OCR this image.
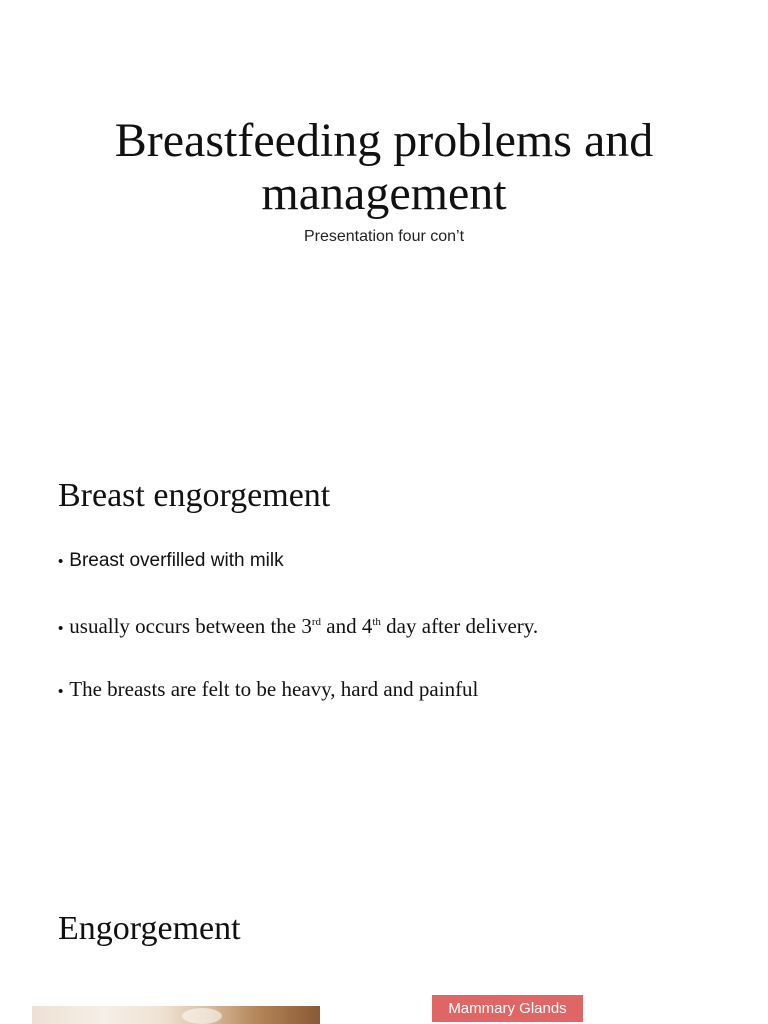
Breastfeeding problems and
management
Presentation four con’t
Breast engorgement
• Breast overfilled with milk
• usually occurs between the 3rd and 4th day after delivery.
• The breasts are felt to be heavy, hard and painful
Engorgement
Mammary Glands
